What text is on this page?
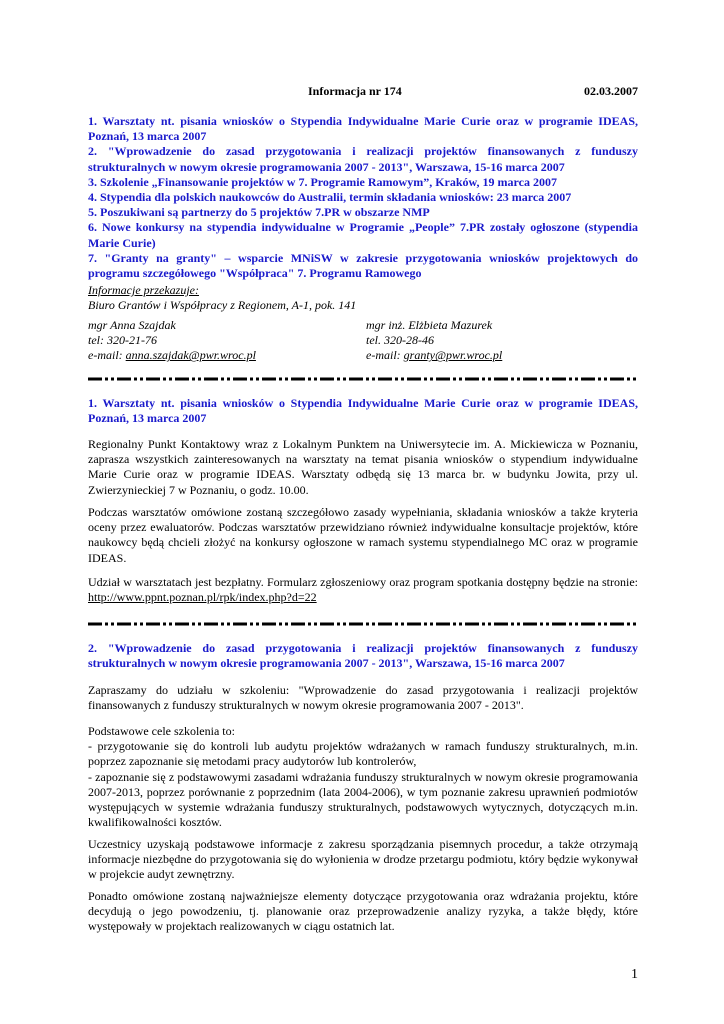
Informacja nr 174	02.03.2007
1. Warsztaty nt. pisania wniosków o Stypendia Indywidualne Marie Curie oraz w programie IDEAS, Poznań, 13 marca 2007
2. "Wprowadzenie do zasad przygotowania i realizacji projektów finansowanych z funduszy strukturalnych w nowym okresie programowania 2007 - 2013", Warszawa, 15-16 marca 2007
3. Szkolenie „Finansowanie projektów w 7. Programie Ramowym”, Kraków, 19 marca 2007
4. Stypendia dla polskich naukowców do Australii, termin składania wniosków: 23 marca 2007
5. Poszukiwani są partnerzy do 5 projektów 7.PR w obszarze NMP
6. Nowe konkursy na stypendia indywidualne w Programie „People” 7.PR zostały ogłoszone (stypendia Marie Curie)
7. "Granty na granty" – wsparcie MNiSW w zakresie przygotowania wniosków projektowych do programu szczegółowego "Współpraca" 7. Programu Ramowego
Informacje przekazuje:
Biuro Grantów i Współpracy z Regionem, A-1, pok. 141
mgr Anna Szajdak
tel: 320-21-76
e-mail: anna.szajdak@pwr.wroc.pl
mgr inż. Elżbieta Mazurek
tel. 320-28-46
e-mail: granty@pwr.wroc.pl
1. Warsztaty nt. pisania wniosków o Stypendia Indywidualne Marie Curie oraz w programie IDEAS, Poznań, 13 marca 2007
Regionalny Punkt Kontaktowy wraz z Lokalnym Punktem na Uniwersytecie im. A. Mickiewicza w Poznaniu, zaprasza wszystkich zainteresowanych na warsztaty na temat pisania wniosków o stypendium indywidualne Marie Curie oraz w programie IDEAS. Warsztaty odbędą się 13 marca br. w budynku Jowita, przy ul. Zwierzynieckiej 7 w Poznaniu, o godz. 10.00.
Podczas warsztatów omówione zostaną szczegółowo zasady wypełniania, składania wniosków a także kryteria oceny przez ewaluatorów. Podczas warsztatów przewidziano również indywidualne konsultacje projektów, które naukowcy będą chcieli złożyć na konkursy ogłoszone w ramach systemu stypendialnego MC oraz w programie IDEAS.
Udział w warsztatach jest bezpłatny. Formularz zgłoszeniowy oraz program spotkania dostępny będzie na stronie: http://www.ppnt.poznan.pl/rpk/index.php?d=22
2. "Wprowadzenie do zasad przygotowania i realizacji projektów finansowanych z funduszy strukturalnych w nowym okresie programowania 2007 - 2013", Warszawa, 15-16 marca 2007
Zapraszamy do udziału w szkoleniu: "Wprowadzenie do zasad przygotowania i realizacji projektów finansowanych z funduszy strukturalnych w nowym okresie programowania 2007 - 2013".
Podstawowe cele szkolenia to:
- przygotowanie się do kontroli lub audytu projektów wdrażanych w ramach funduszy strukturalnych, m.in. poprzez zapoznanie się metodami pracy audytorów lub kontrolerów,
- zapoznanie się z podstawowymi zasadami wdrażania funduszy strukturalnych w nowym okresie programowania 2007-2013, poprzez porównanie z poprzednim (lata 2004-2006), w tym poznanie zakresu uprawnień podmiotów występujących w systemie wdrażania funduszy strukturalnych, podstawowych wytycznych, dotyczących m.in. kwalifikowalności kosztów.
Uczestnicy uzyskają podstawowe informacje z zakresu sporządzania pisemnych procedur, a także otrzymają informacje niezbędne do przygotowania się do wyłonienia w drodze przetargu podmiotu, który będzie wykonywał w projekcie audyt zewnętrzny.
Ponadto omówione zostaną najważniejsze elementy dotyczące przygotowania oraz wdrażania projektu, które decydują o jego powodzeniu, tj. planowanie oraz przeprowadzenie analizy ryzyka, a także błędy, które występowały w projektach realizowanych w ciągu ostatnich lat.
1
